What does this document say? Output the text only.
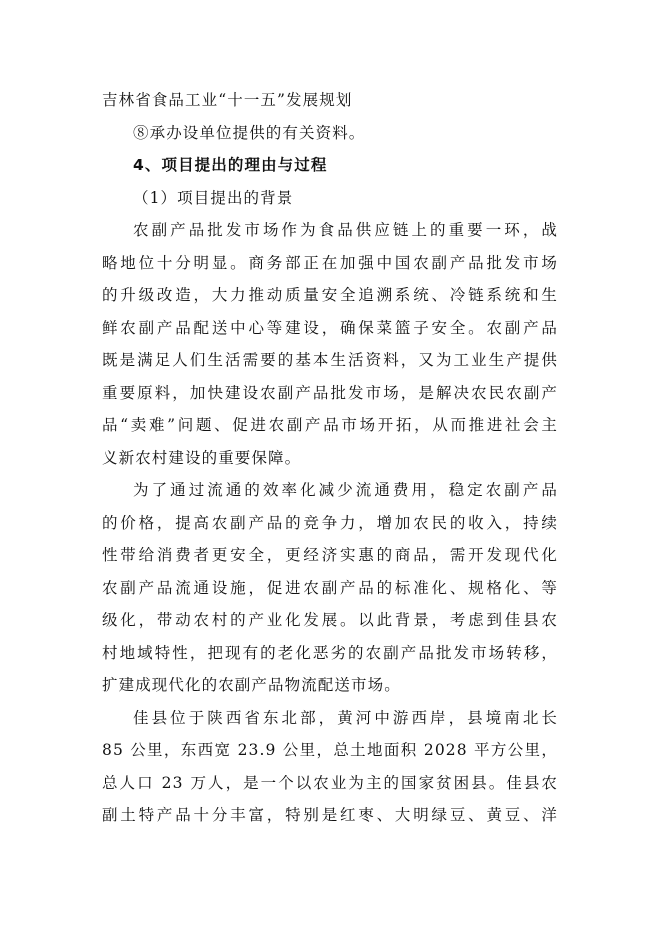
吉林省食品工业“十一五”发展规划
⑧承办设单位提供的有关资料。
4、项目提出的理由与过程
（1）项目提出的背景
农副产品批发市场作为食品供应链上的重要一环，战
略地位十分明显。商务部正在加强中国农副产品批发市场
的升级改造，大力推动质量安全追溯系统、冷链系统和生
鲜农副产品配送中心等建设，确保菜篮子安全。农副产品
既是满足人们生活需要的基本生活资料，又为工业生产提供
重要原料，加快建设农副产品批发市场，是解决农民农副产
品“卖难”问题、促进农副产品市场开拓，从而推进社会主
义新农村建设的重要保障。
为了通过流通的效率化减少流通费用，稳定农副产品
的价格，提高农副产品的竞争力，增加农民的收入，持续
性带给消费者更安全，更经济实惠的商品，需开发现代化
农副产品流通设施，促进农副产品的标准化、规格化、等
级化，带动农村的产业化发展。以此背景，考虑到佳县农
村地域特性，把现有的老化恶劣的农副产品批发市场转移，
扩建成现代化的农副产品物流配送市场。
佳县位于陕西省东北部，黄河中游西岸，县境南北长
85 公里，东西宽 23.9 公里，总土地面积 2028 平方公里，
总人口 23 万人，是一个以农业为主的国家贫困县。佳县农
副土特产品十分丰富，特别是红枣、大明绿豆、黄豆、洋
